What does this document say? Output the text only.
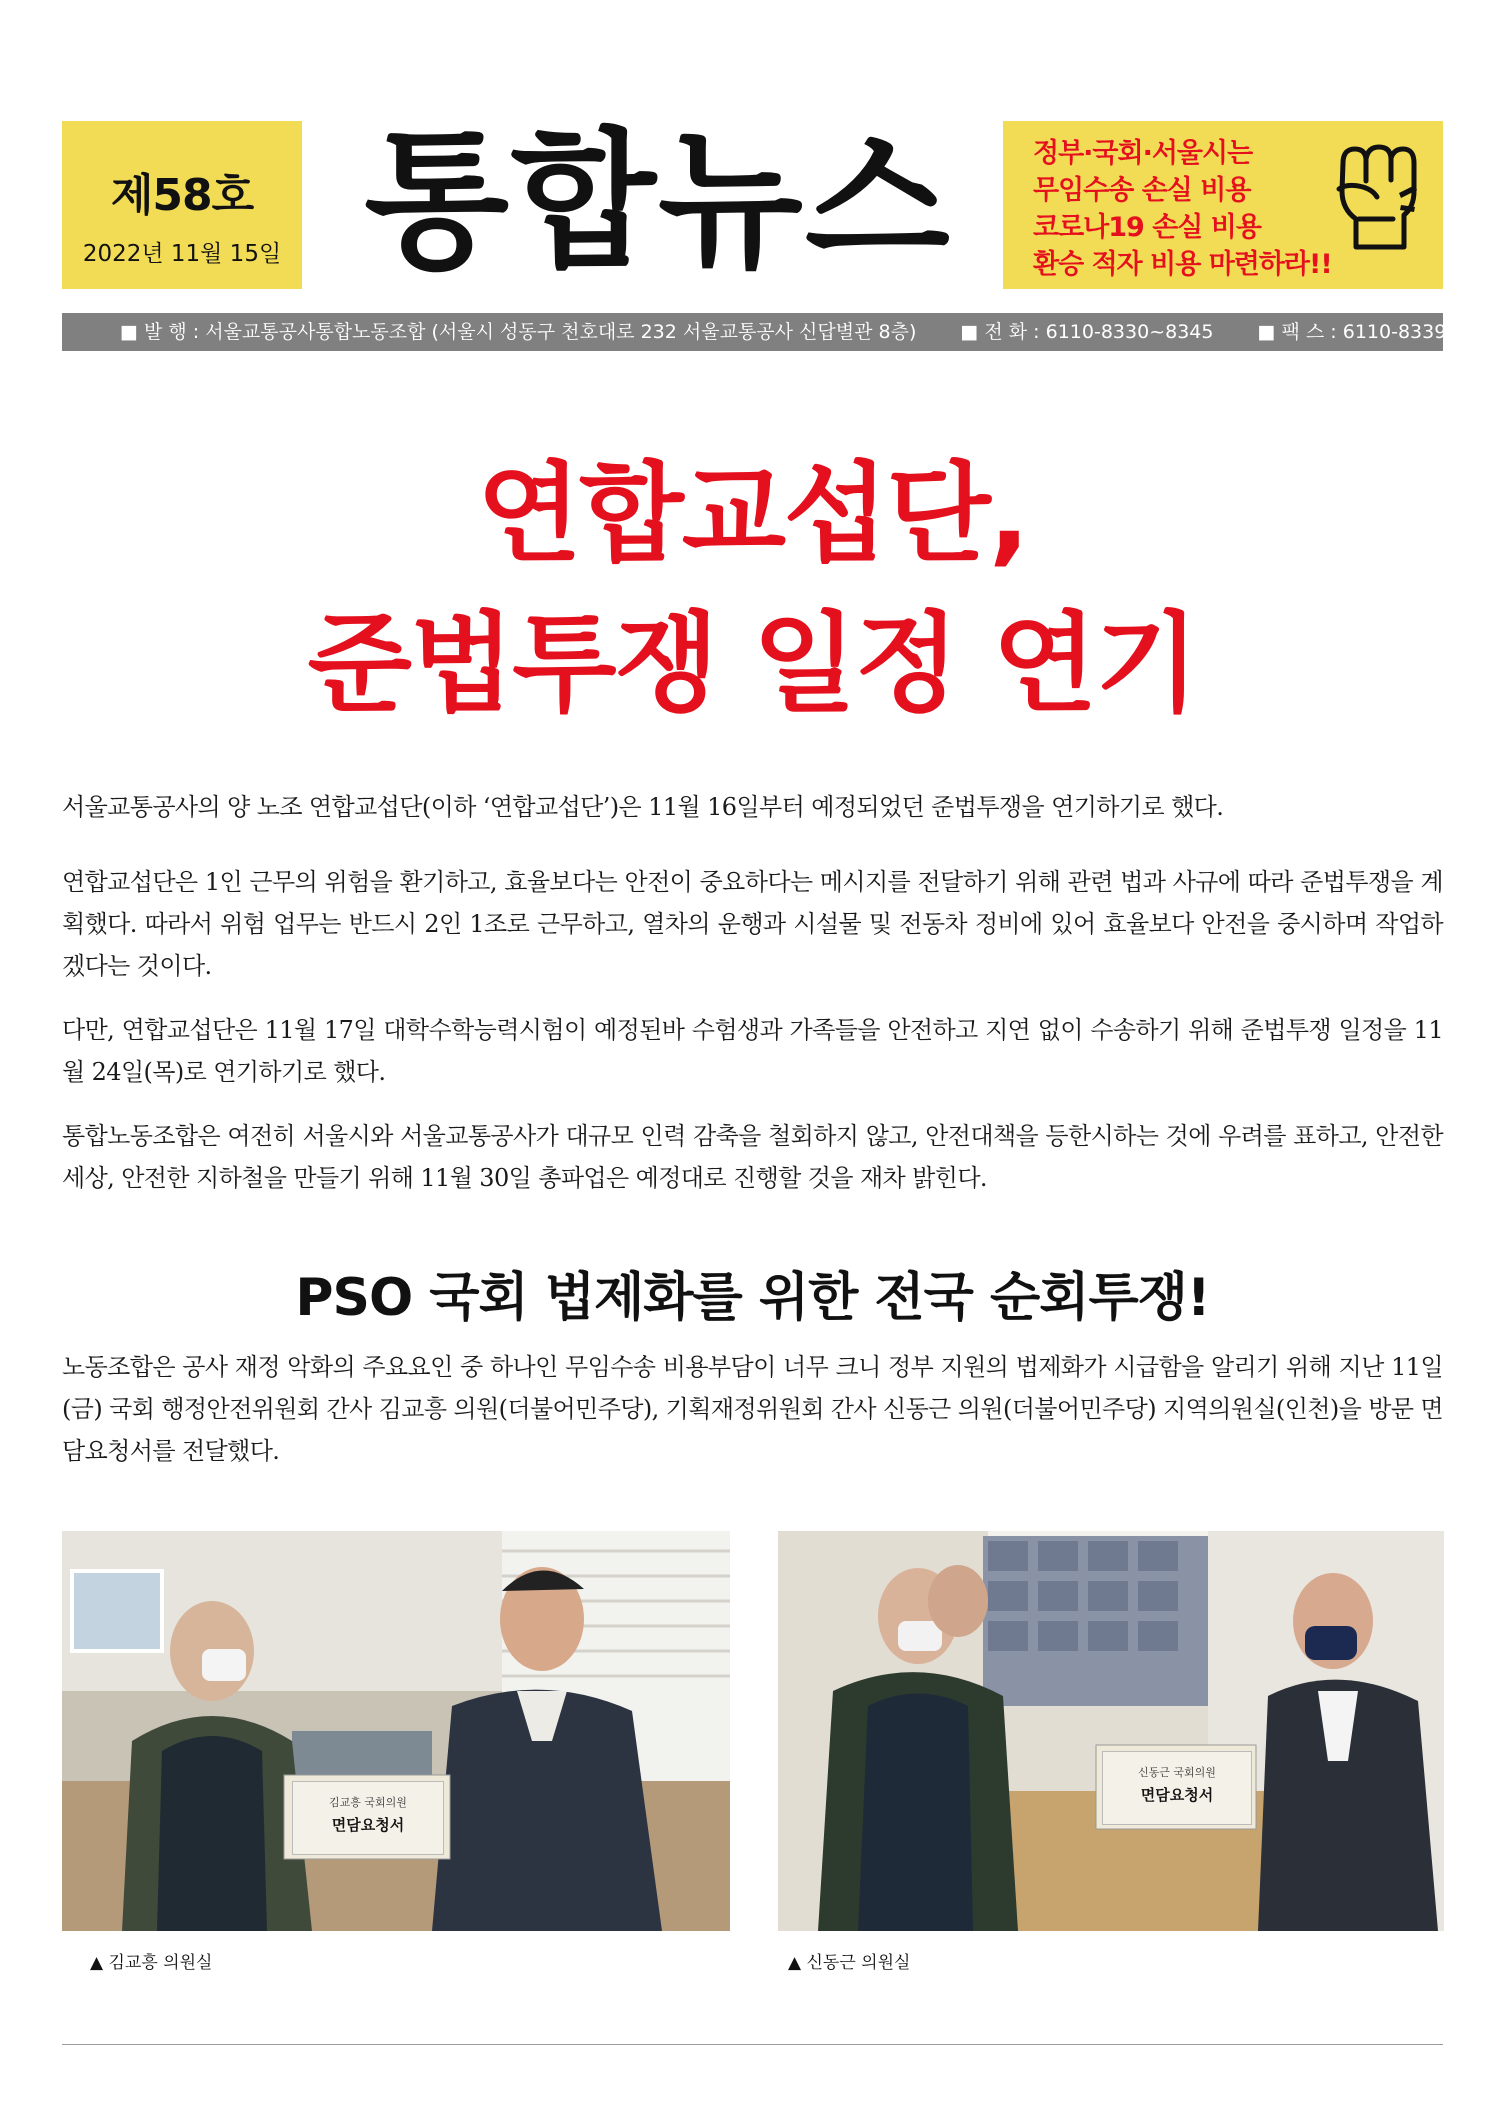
제58호
2022년 11월 15일 통합뉴스	정부·국회·서울시는
무임수송 손실 비용
코로나19 손실 비용
환승 적자 비용 마련하라!!
■ 발 행 : 서울교통공사통합노동조합 (서울시 성동구 천호대로 232 서울교통공사 신답별관 8층) ■ 전 화 : 6110-8330~8345 ■ 팩 스 : 6110-8339
연합교섭단,
준법투쟁 일정 연기

서울교통공사의 양 노조 연합교섭단(이하 ‘연합교섭단’)은 11월 16일부터 예정되었던 준법투쟁을 연기하기로 했다.

연합교섭단은 1인 근무의 위험을 환기하고, 효율보다는 안전이 중요하다는 메시지를 전달하기 위해 관련 법과 사규에 따라 준법투쟁을 계획했다. 따라서 위험 업무는 반드시 2인 1조로 근무하고, 열차의 운행과 시설물 및 전동차 정비에 있어 효율보다 안전을 중시하며 작업하겠다는 것이다.

다만, 연합교섭단은 11월 17일 대학수학능력시험이 예정된바 수험생과 가족들을 안전하고 지연 없이 수송하기 위해 준법투쟁 일정을 11월 24일(목)로 연기하기로 했다.

통합노동조합은 여전히 서울시와 서울교통공사가 대규모 인력 감축을 철회하지 않고, 안전대책을 등한시하는 것에 우려를 표하고, 안전한 세상, 안전한 지하철을 만들기 위해 11월 30일 총파업은 예정대로 진행할 것을 재차 밝힌다.

PSO 국회 법제화를 위한 전국 순회투쟁!

노동조합은 공사 재정 악화의 주요요인 중 하나인 무임수송 비용부담이 너무 크니 정부 지원의 법제화가 시급함을 알리기 위해 지난 11일(금) 국회 행정안전위원회 간사 김교흥 의원(더불어민주당), 기획재정위원회 간사 신동근 의원(더불어민주당) 지역의원실(인천)을 방문 면담요청서를 전달했다.

김교흥 국회의원
면담요청서
▲ 김교흥 의원실
신동근 국회의원
면담요청서
▲ 신동근 의원실
